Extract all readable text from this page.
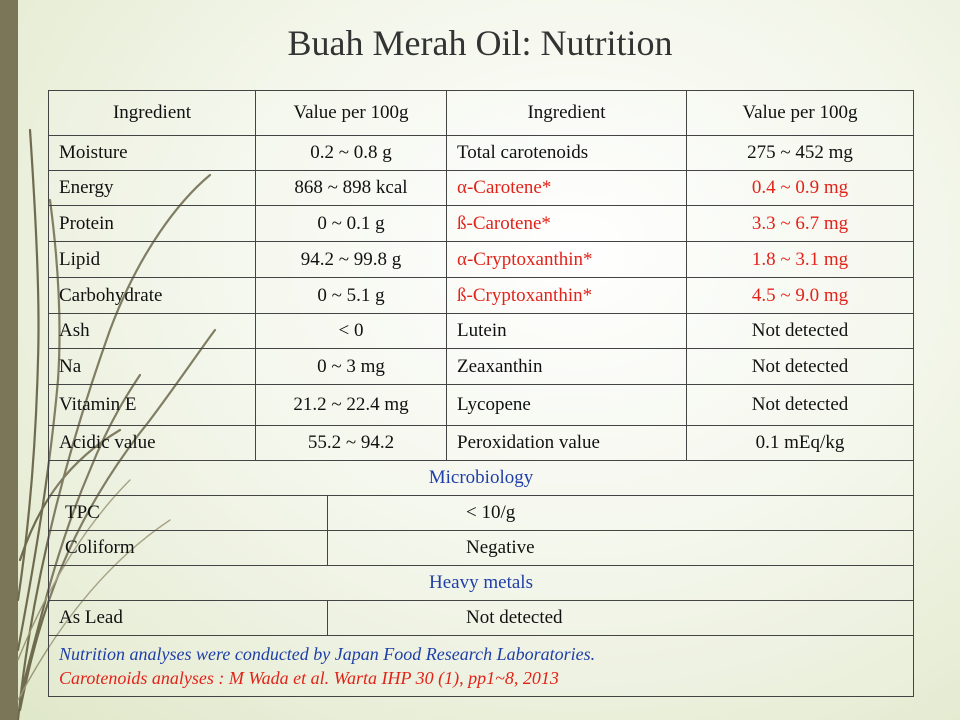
Buah Merah Oil: Nutrition
Ingredient	Value per 100g		Ingredient	Value per 100g
Moisture	0.2 ~ 0.8 g		Total carotenoids	275 ~ 452 mg
Energy	868 ~ 898 kcal		α-Carotene*	0.4 ~ 0.9 mg
Protein	0 ~ 0.1 g		ß-Carotene*	3.3 ~ 6.7 mg
Lipid	94.2 ~ 99.8 g		α-Cryptoxanthin*	1.8 ~ 3.1 mg
Carbohydrate	0 ~ 5.1 g		ß-Cryptoxanthin*	4.5 ~ 9.0 mg
Ash	< 0		Lutein	Not detected
Na	0 ~ 3 mg		Zeaxanthin	Not detected
Vitamin E	21.2 ~ 22.4 mg		Lycopene	Not detected
Acidic value	55.2 ~ 94.2		Peroxidation value	0.1 mEq/kg
Microbiology				
TPC		< 10/g		
Coliform		Negative		
Heavy metals				
As Lead		Not detected		

Nutrition analyses were conducted by Japan Food Research Laboratories.
Carotenoids analyses : M Wada et al. Warta IHP 30 (1), pp1~8, 2013				
